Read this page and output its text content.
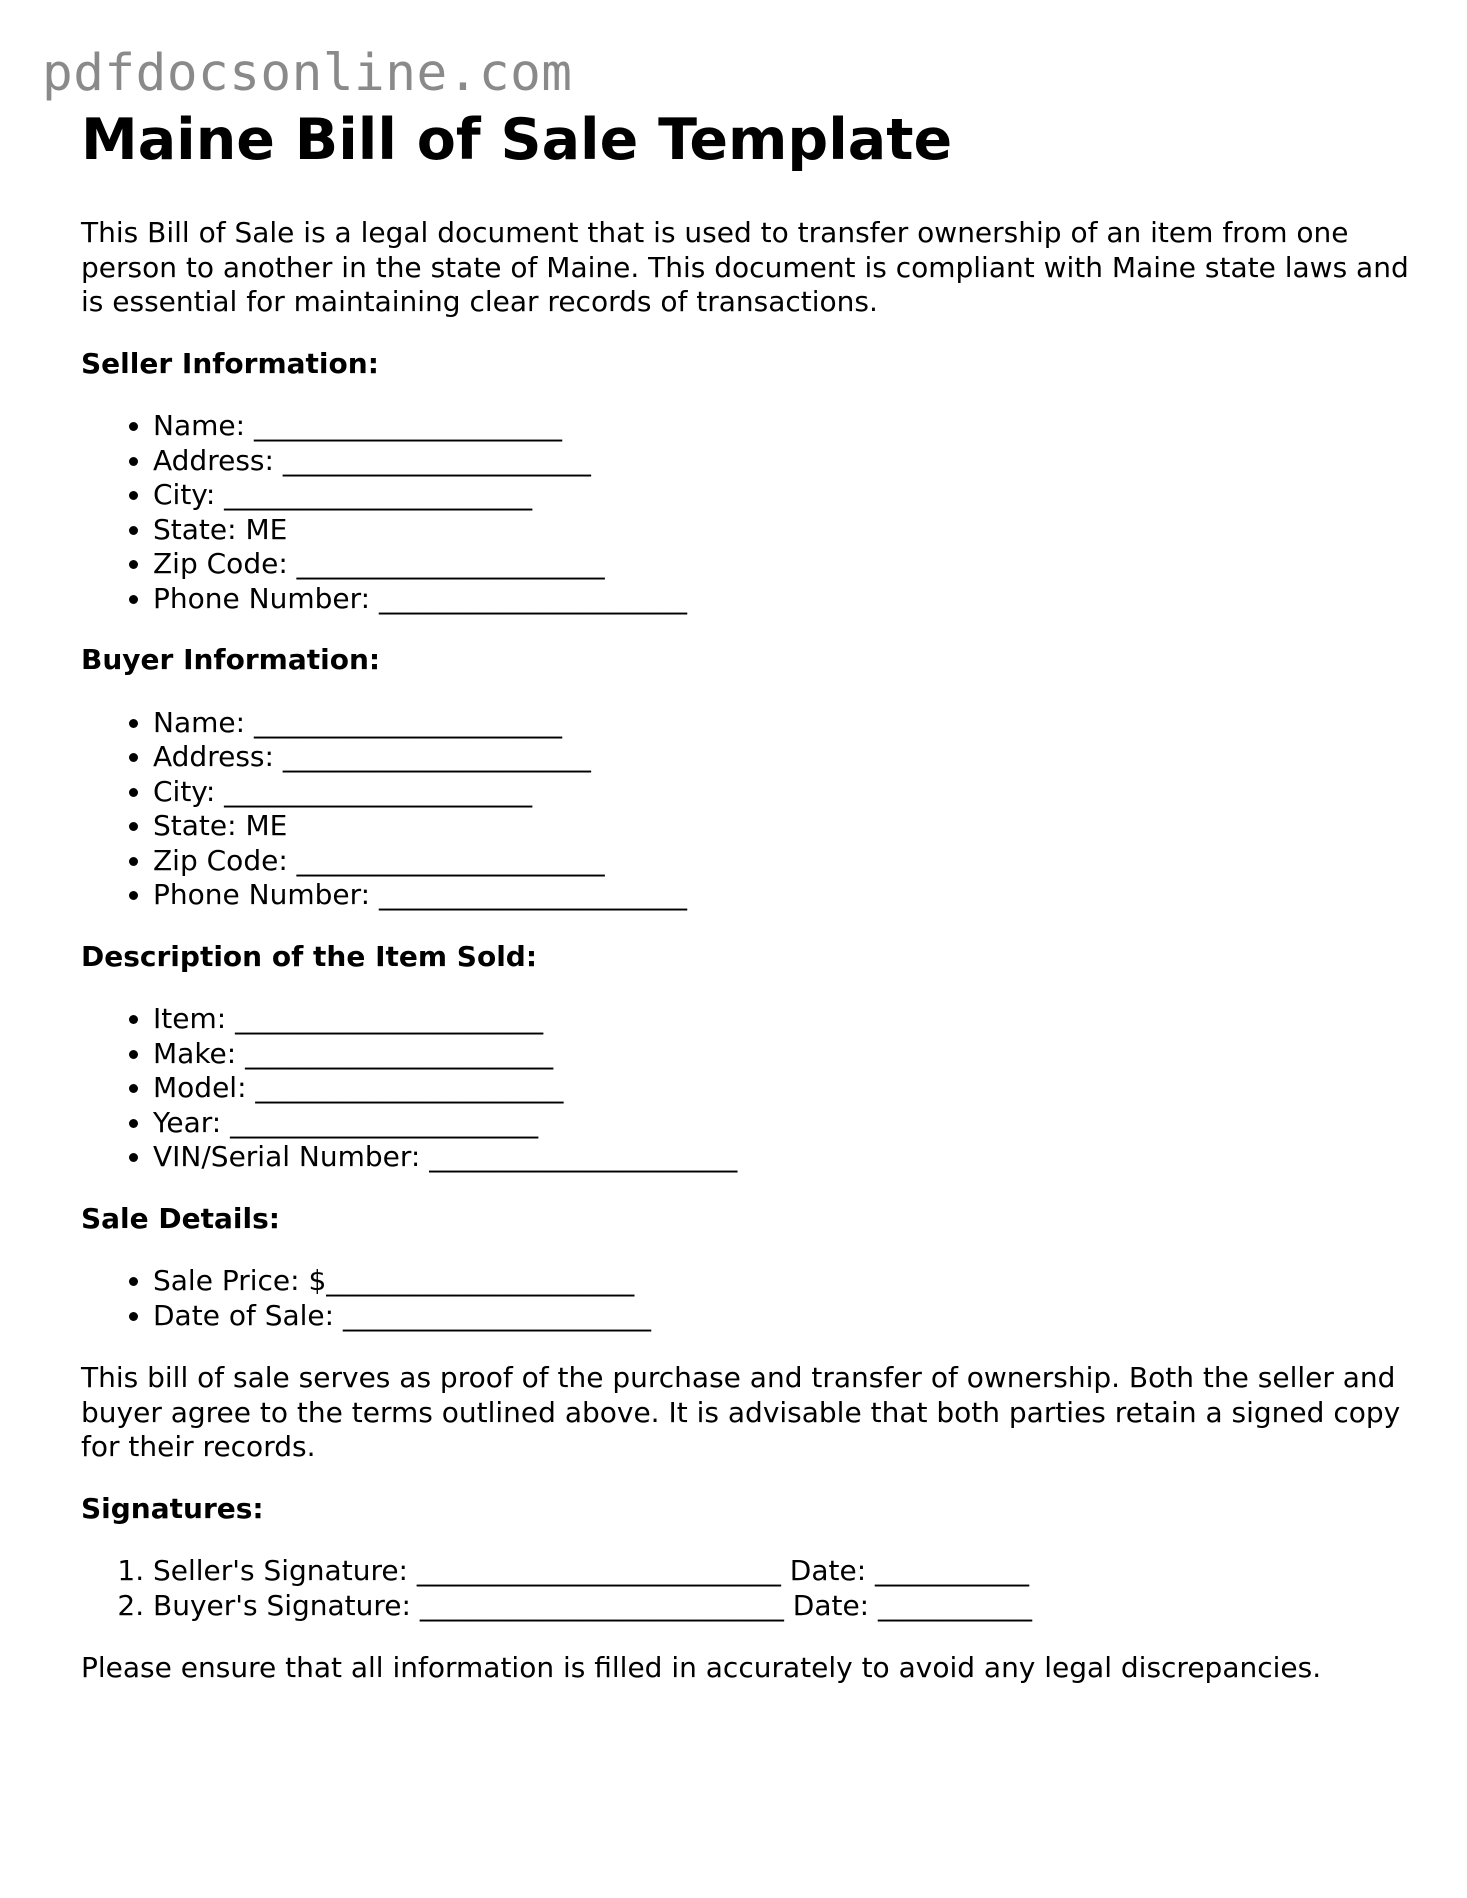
pdfdocsonline.com
Maine Bill of Sale Template

This Bill of Sale is a legal document that is used to transfer ownership of an item from one person to another in the state of Maine. This document is compliant with Maine state laws and is essential for maintaining clear records of transactions.

Seller Information:

• Name: ______________________
• Address: ______________________
• City: ______________________
• State: ME
• Zip Code: ______________________
• Phone Number: ______________________

Buyer Information:

• Name: ______________________
• Address: ______________________
• City: ______________________
• State: ME
• Zip Code: ______________________
• Phone Number: ______________________

Description of the Item Sold:

• Item: ______________________
• Make: ______________________
• Model: ______________________
• Year: ______________________
• VIN/Serial Number: ______________________

Sale Details:

• Sale Price: $______________________
• Date of Sale: ______________________

This bill of sale serves as proof of the purchase and transfer of ownership. Both the seller and buyer agree to the terms outlined above. It is advisable that both parties retain a signed copy for their records.

Signatures:

1. Seller's Signature: __________________________ Date: ___________
2. Buyer's Signature: __________________________ Date: ___________

Please ensure that all information is filled in accurately to avoid any legal discrepancies.
